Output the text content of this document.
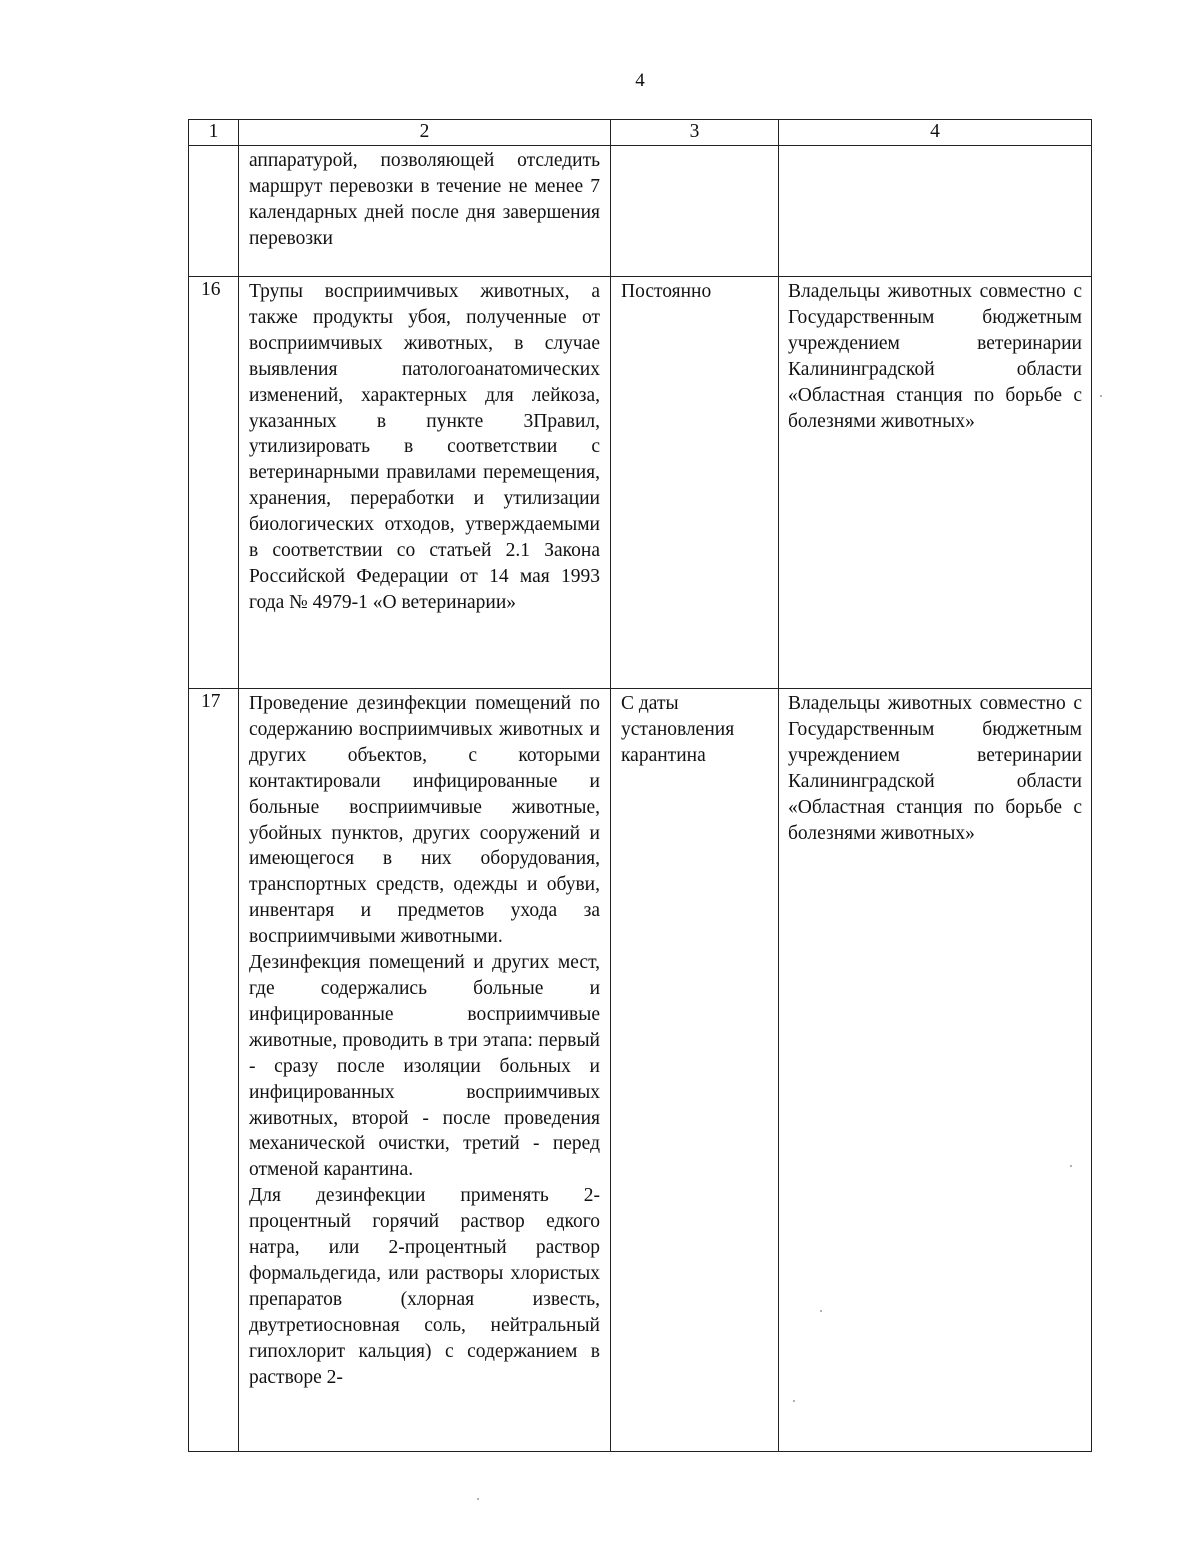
4
1	2	3	4

	аппаратурой, позволяющей отследить маршрут перевозки в течение не менее 7 календарных дней после дня завершения перевозки		

16	Трупы восприимчивых животных, а также продукты убоя, полученные от восприимчивых животных, в случае выявления патологоанатомических изменений, характерных для лейкоза, указанных в пункте 3Правил, утилизировать в соответствии с ветеринарными правилами перемещения, хранения, переработки и утилизации биологических отходов, утверждаемыми в соответствии со статьей 2.1 Закона Российской Федерации от 14 мая 1993 года № 4979-1 «О ветеринарии»	Постоянно	Владельцы животных совместно с Государственным бюджетным учреждением ветеринарии Калининградской области «Областная станция по борьбе с болезнями животных»
17	Проведение дезинфекции помещений по содержанию восприимчивых животных и других объектов, с которыми контактировали инфицированные и больные восприимчивые животные, убойных пунктов, других сооружений и имеющегося в них оборудования, транспортных средств, одежды и обуви, инвентаря и предметов ухода за восприимчивыми животными.

Дезинфекция помещений и других мест, где содержались больные и инфицированные восприимчивые животные, проводить в три этапа: первый - сразу после изоляции больных и инфицированных восприимчивых животных, второй - после проведения механической очистки, третий - перед отменой карантина.

Для дезинфекции применять 2-процентный горячий раствор едкого натра, или 2-процентный раствор формальдегида, или растворы хлористых препаратов (хлорная известь, двутретиосновная соль, нейтральный гипохлорит кальция) с содержанием в растворе 2-	С даты установления карантина	Владельцы животных совместно с Государственным бюджетным учреждением ветеринарии Калининградской области «Областная станция по борьбе с болезнями животных»
